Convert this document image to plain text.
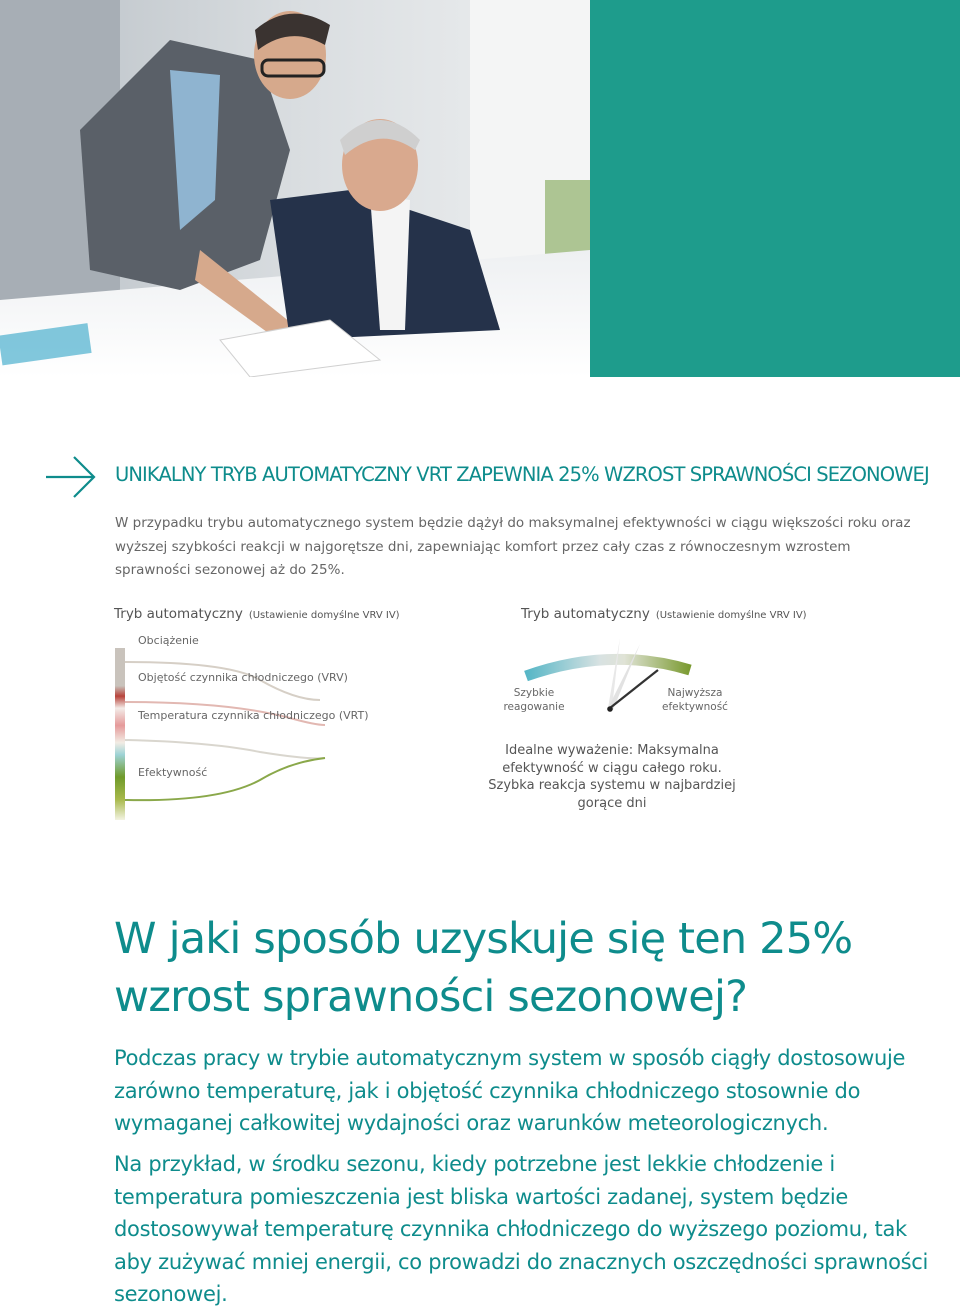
UNIKALNY TRYB AUTOMATYCZNY VRT ZAPEWNIA 25% WZROST SPRAWNOŚCI SEZONOWEJ
W przypadku trybu automatycznego system będzie dążył do maksymalnej efektywności w ciągu większości roku oraz wyższej szybkości reakcji w najgorętsze dni, zapewniając komfort przez cały czas z równoczesnym wzrostem sprawności sezonowej aż do 25%.
Tryb automatyczny (Ustawienie domyślne VRV IV)
Obciążenie
Objętość czynnika chłodniczego (VRV)
Temperatura czynnika chłodniczego (VRT)
Efektywność
Tryb automatyczny (Ustawienie domyślne VRV IV)
Szybkie reagowanie
Najwyższa efektywność
Idealne wyważenie: Maksymalna efektywność w ciągu całego roku. Szybka reakcja systemu w najbardziej gorące dni
W jaki sposób uzyskuje się ten 25% wzrost sprawności sezonowej?
Podczas pracy w trybie automatycznym system w sposób ciągły dostosowuje zarówno temperaturę, jak i objętość czynnika chłodniczego stosownie do wymaganej całkowitej wydajności oraz warunków meteorologicznych.
Na przykład, w środku sezonu, kiedy potrzebne jest lekkie chłodzenie i temperatura pomieszczenia jest bliska wartości zadanej, system będzie dostosowywał temperaturę czynnika chłodniczego do wyższego poziomu, tak aby zużywać mniej energii, co prowadzi do znacznych oszczędności sprawności sezonowej.
